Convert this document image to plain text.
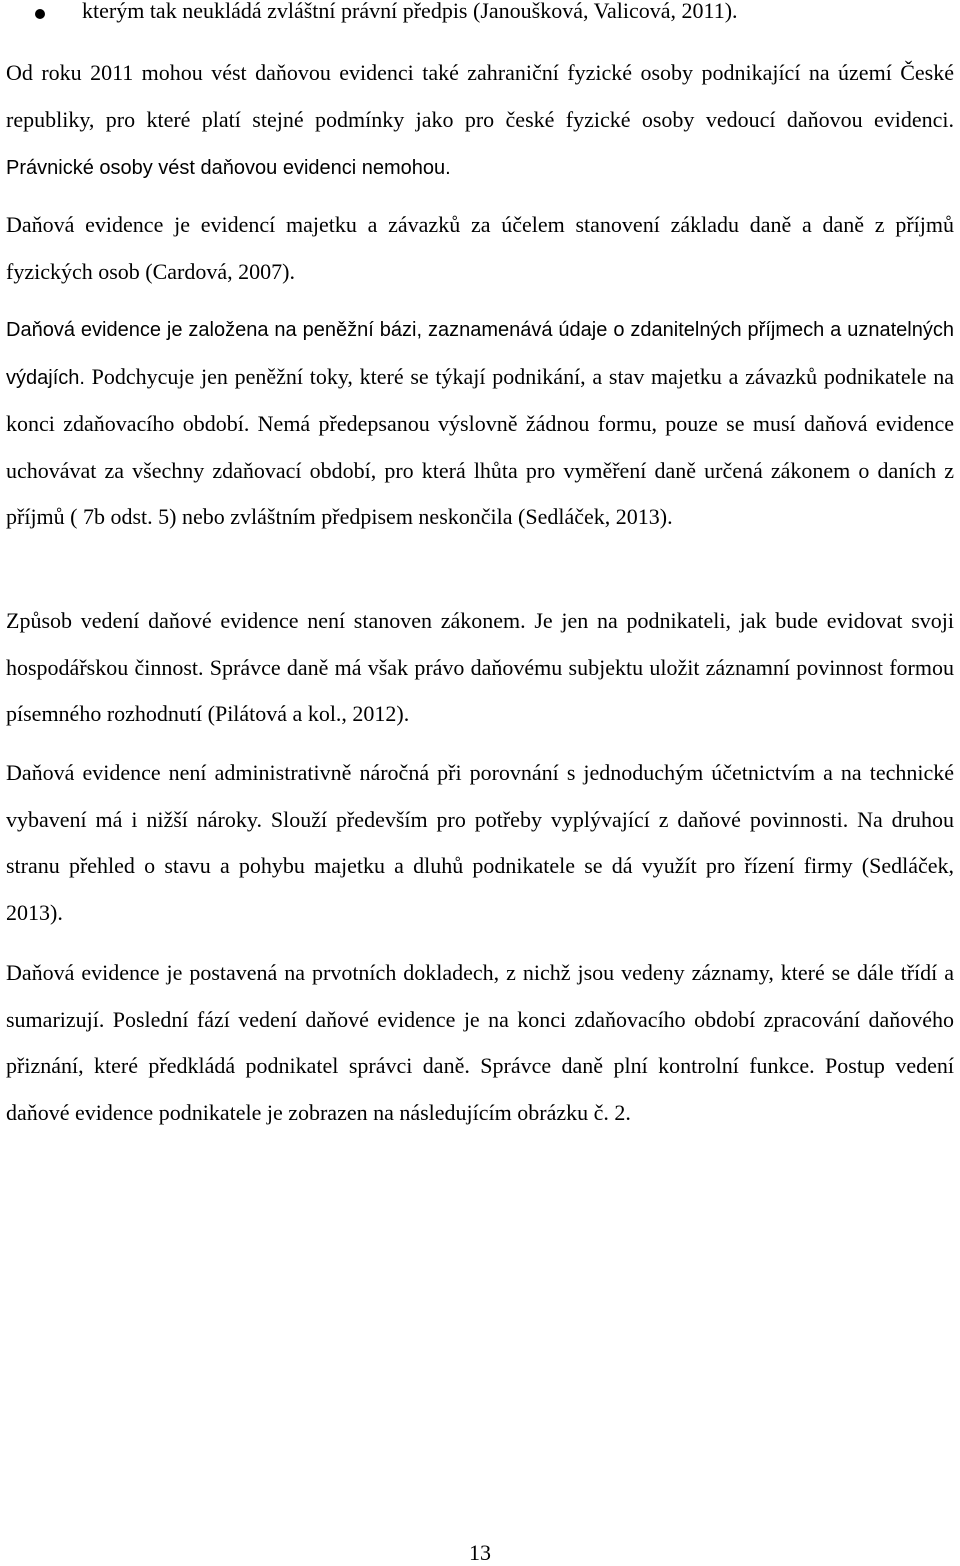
kterým tak neukládá zvláštní právní předpis (Janoušková, Valicová, 2011).

Od roku 2011 mohou vést daňovou evidenci také zahraniční fyzické osoby podnikající na území České republiky, pro které platí stejné podmínky jako pro české fyzické osoby vedoucí daňovou evidenci. Právnické osoby vést daňovou evidenci nemohou.

Daňová evidence je evidencí majetku a závazků za účelem stanovení základu daně a daně z příjmů fyzických osob (Cardová, 2007).

Daňová evidence je založena na peněžní bázi, zaznamenává údaje o zdanitelných příjmech a uznatelných výdajích. Podchycuje jen peněžní toky, které se týkají podnikání, a stav majetku a závazků podnikatele na konci zdaňovacího období. Nemá předepsanou výslovně žádnou formu, pouze se musí daňová evidence uchovávat za všechny zdaňovací období, pro která lhůta pro vyměření daně určená zákonem o daních z příjmů ( 7b odst. 5) nebo zvláštním předpisem neskončila (Sedláček, 2013).

Způsob vedení daňové evidence není stanoven zákonem. Je jen na podnikateli, jak bude evidovat svoji hospodářskou činnost. Správce daně má však právo daňovému subjektu uložit záznamní povinnost formou písemného rozhodnutí (Pilátová a kol., 2012).

Daňová evidence není administrativně náročná při porovnání s jednoduchým účetnictvím a na technické vybavení má i nižší nároky. Slouží především pro potřeby vyplývající z daňové povinnosti. Na druhou stranu přehled o stavu a pohybu majetku a dluhů podnikatele se dá využít pro řízení firmy (Sedláček, 2013).

Daňová evidence je postavená na prvotních dokladech, z nichž jsou vedeny záznamy, které se dále třídí a sumarizují. Poslední fází vedení daňové evidence je na konci zdaňovacího období zpracování daňového přiznání, které předkládá podnikatel správci daně. Správce daně plní kontrolní funkce. Postup vedení daňové evidence podnikatele je zobrazen na následujícím obrázku č. 2.

13
